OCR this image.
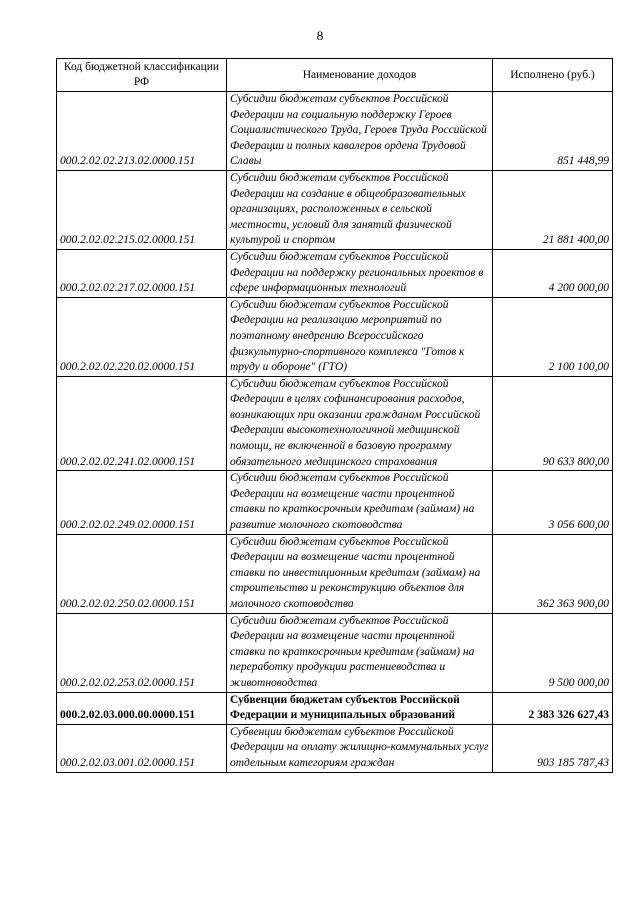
8
Код бюджетной классификации РФ	Наименование доходов	Исполнено (руб.)
000.2.02.02.213.02.0000.151	Субсидии бюджетам субъектов Российской Федерации на социальную поддержку Героев Социалистического Труда, Героев Труда Российской Федерации и полных кавалеров ордена Трудовой Славы	851 448,99
000.2.02.02.215.02.0000.151	Субсидии бюджетам субъектов Российской Федерации на создание в общеобразовательных организациях, расположенных в сельской местности, условий для занятий физической культурой и спортом	21 881 400,00
000.2.02.02.217.02.0000.151	Субсидии бюджетам субъектов Российской Федерации на поддержку региональных проектов в сфере информационных технологий	4 200 000,00
000.2.02.02.220.02.0000.151	Субсидии бюджетам субъектов Российской Федерации на реализацию мероприятий по поэтапному внедрению Всероссийского физкультурно-спортивного комплекса "Готов к труду и обороне" (ГТО)	2 100 100,00
000.2.02.02.241.02.0000.151	Субсидии бюджетам субъектов Российской Федерации в целях софинансирования расходов, возникающих при оказании гражданам Российской Федерации высокотехнологичной медицинской помощи, не включенной в базовую программу обязательного медицинского страхования	90 633 800,00
000.2.02.02.249.02.0000.151	Субсидии бюджетам субъектов Российской Федерации на возмещение части процентной ставки по краткосрочным кредитам (займам) на развитие молочного скотоводства	3 056 600,00
000.2.02.02.250.02.0000.151	Субсидии бюджетам субъектов Российской Федерации на возмещение части процентной ставки по инвестиционным кредитам (займам) на строительство и реконструкцию объектов для молочного скотоводства	362 363 900,00
000.2.02.02.253.02.0000.151	Субсидии бюджетам субъектов Российской Федерации на возмещение части процентной ставки по краткосрочным кредитам (займам) на переработку продукции растениеводства и животноводства	9 500 000,00
000.2.02.03.000.00.0000.151	Субвенции бюджетам субъектов Российской Федерации и муниципальных образований	2 383 326 627,43
000.2.02.03.001.02.0000.151	Субвенции бюджетам субъектов Российской Федерации на оплату жилищно-коммунальных услуг отдельным категориям граждан	903 185 787,43
